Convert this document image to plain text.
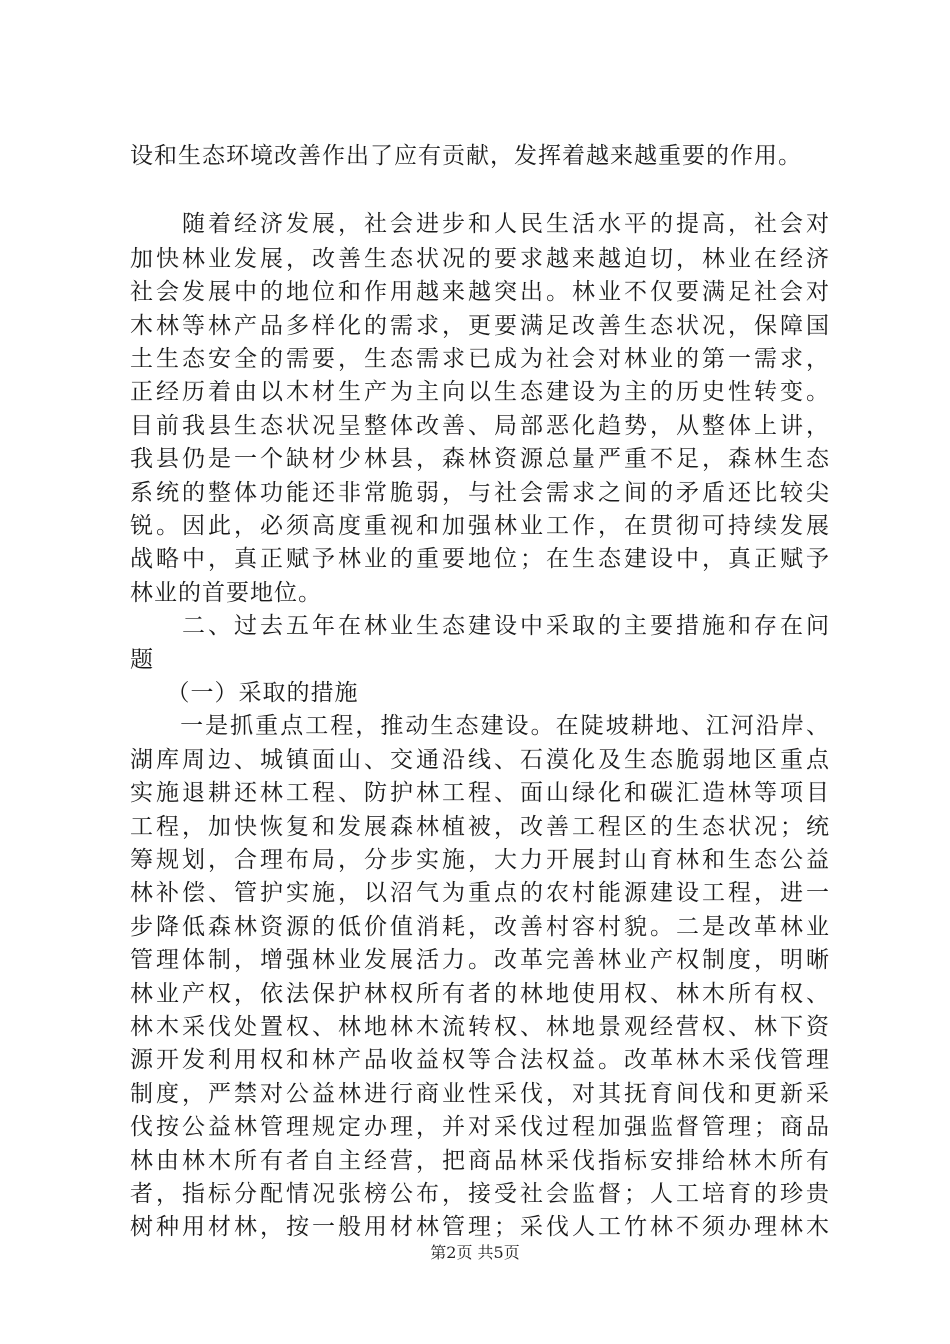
设和生态环境改善作出了应有贡献，发挥着越来越重要的作用。
　　随着经济发展，社会进步和人民生活水平的提高，社会对
加快林业发展，改善生态状况的要求越来越迫切，林业在经济
社会发展中的地位和作用越来越突出。林业不仅要满足社会对
木林等林产品多样化的需求，更要满足改善生态状况，保障国
土生态安全的需要，生态需求已成为社会对林业的第一需求，
正经历着由以木材生产为主向以生态建设为主的历史性转变。
目前我县生态状况呈整体改善、局部恶化趋势，从整体上讲，
我县仍是一个缺材少林县，森林资源总量严重不足，森林生态
系统的整体功能还非常脆弱，与社会需求之间的矛盾还比较尖
锐。因此，必须高度重视和加强林业工作，在贯彻可持续发展
战略中，真正赋予林业的重要地位；在生态建设中，真正赋予
林业的首要地位。
　　二、过去五年在林业生态建设中采取的主要措施和存在问
题
　　（一）采取的措施
　　一是抓重点工程，推动生态建设。在陡坡耕地、江河沿岸、
湖库周边、城镇面山、交通沿线、石漠化及生态脆弱地区重点
实施退耕还林工程、防护林工程、面山绿化和碳汇造林等项目
工程，加快恢复和发展森林植被，改善工程区的生态状况；统
筹规划，合理布局，分步实施，大力开展封山育林和生态公益
林补偿、管护实施，以沼气为重点的农村能源建设工程，进一
步降低森林资源的低价值消耗，改善村容村貌。二是改革林业
管理体制，增强林业发展活力。改革完善林业产权制度，明晰
林业产权，依法保护林权所有者的林地使用权、林木所有权、
林木采伐处置权、林地林木流转权、林地景观经营权、林下资
源开发利用权和林产品收益权等合法权益。改革林木采伐管理
制度，严禁对公益林进行商业性采伐，对其抚育间伐和更新采
伐按公益林管理规定办理，并对采伐过程加强监督管理；商品
林由林木所有者自主经营，把商品林采伐指标安排给林木所有
者，指标分配情况张榜公布，接受社会监督；人工培育的珍贵
树种用材林，按一般用材林管理；采伐人工竹林不须办理林木
第2页 共5页
